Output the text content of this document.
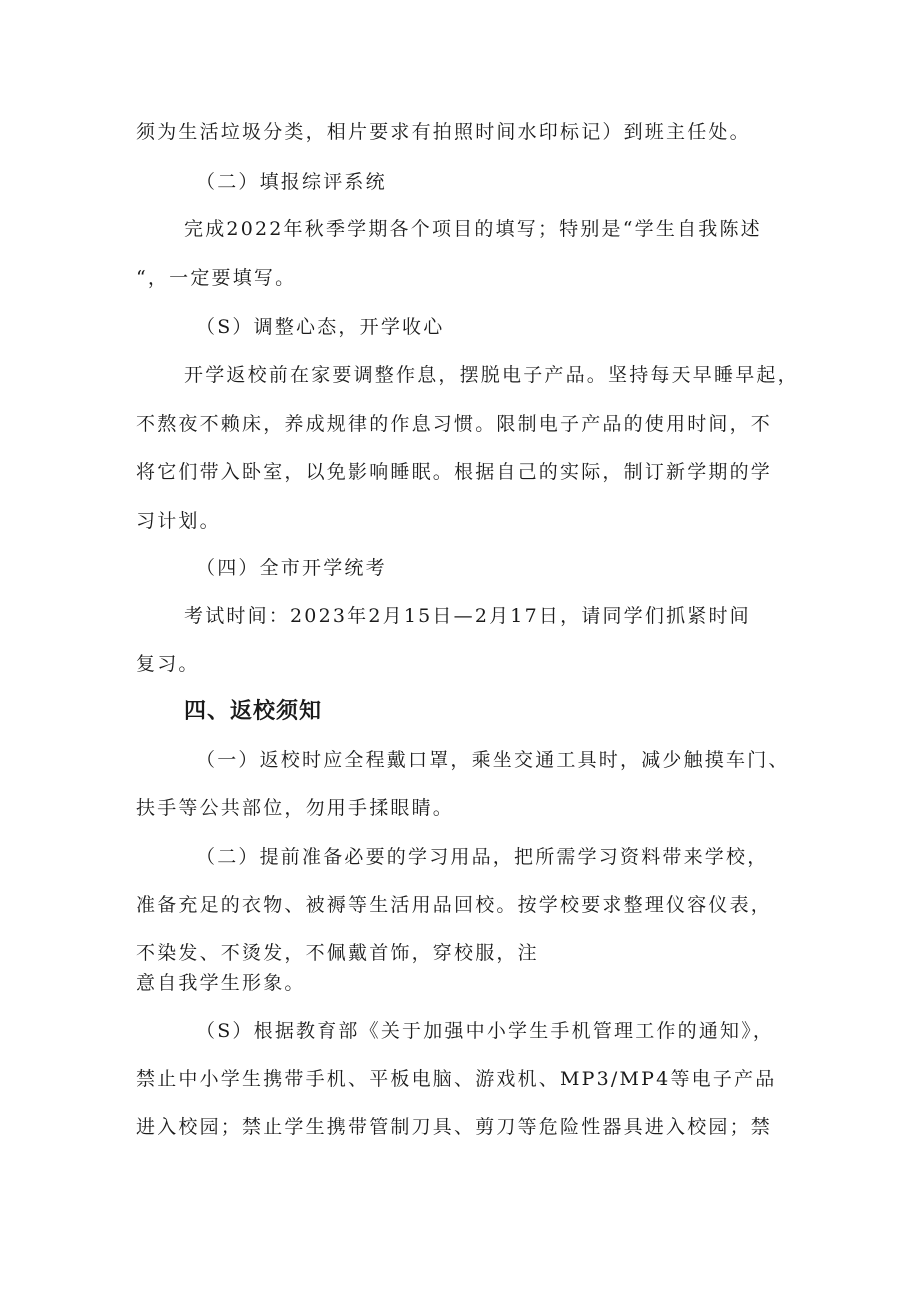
须为生活垃圾分类，相片要求有拍照时间水印标记）到班主任处。
（二）填报综评系统
完成2022年秋季学期各个项目的填写；特别是“学生自我陈述
“，一定要填写。
（S）调整心态，开学收心
开学返校前在家要调整作息，摆脱电子产品。坚持每天早睡早起，
不熬夜不赖床，养成规律的作息习惯。限制电子产品的使用时间，不
将它们带入卧室，以免影响睡眠。根据自己的实际，制订新学期的学
习计划。
（四）全市开学统考
考试时间：2023年2月15日—2月17日，请同学们抓紧时间
复习。
四、返校须知
（一）返校时应全程戴口罩，乘坐交通工具时，减少触摸车门、
扶手等公共部位，勿用手揉眼睛。
（二）提前准备必要的学习用品，把所需学习资料带来学校，
准备充足的衣物、被褥等生活用品回校。按学校要求整理仪容仪表，
不染发、不烫发，不佩戴首饰，穿校服，注
意自我学生形象。
（S）根据教育部《关于加强中小学生手机管理工作的通知》，
禁止中小学生携带手机、平板电脑、游戏机、MP3/MP4等电子产品
进入校园；禁止学生携带管制刀具、剪刀等危险性器具进入校园；禁
